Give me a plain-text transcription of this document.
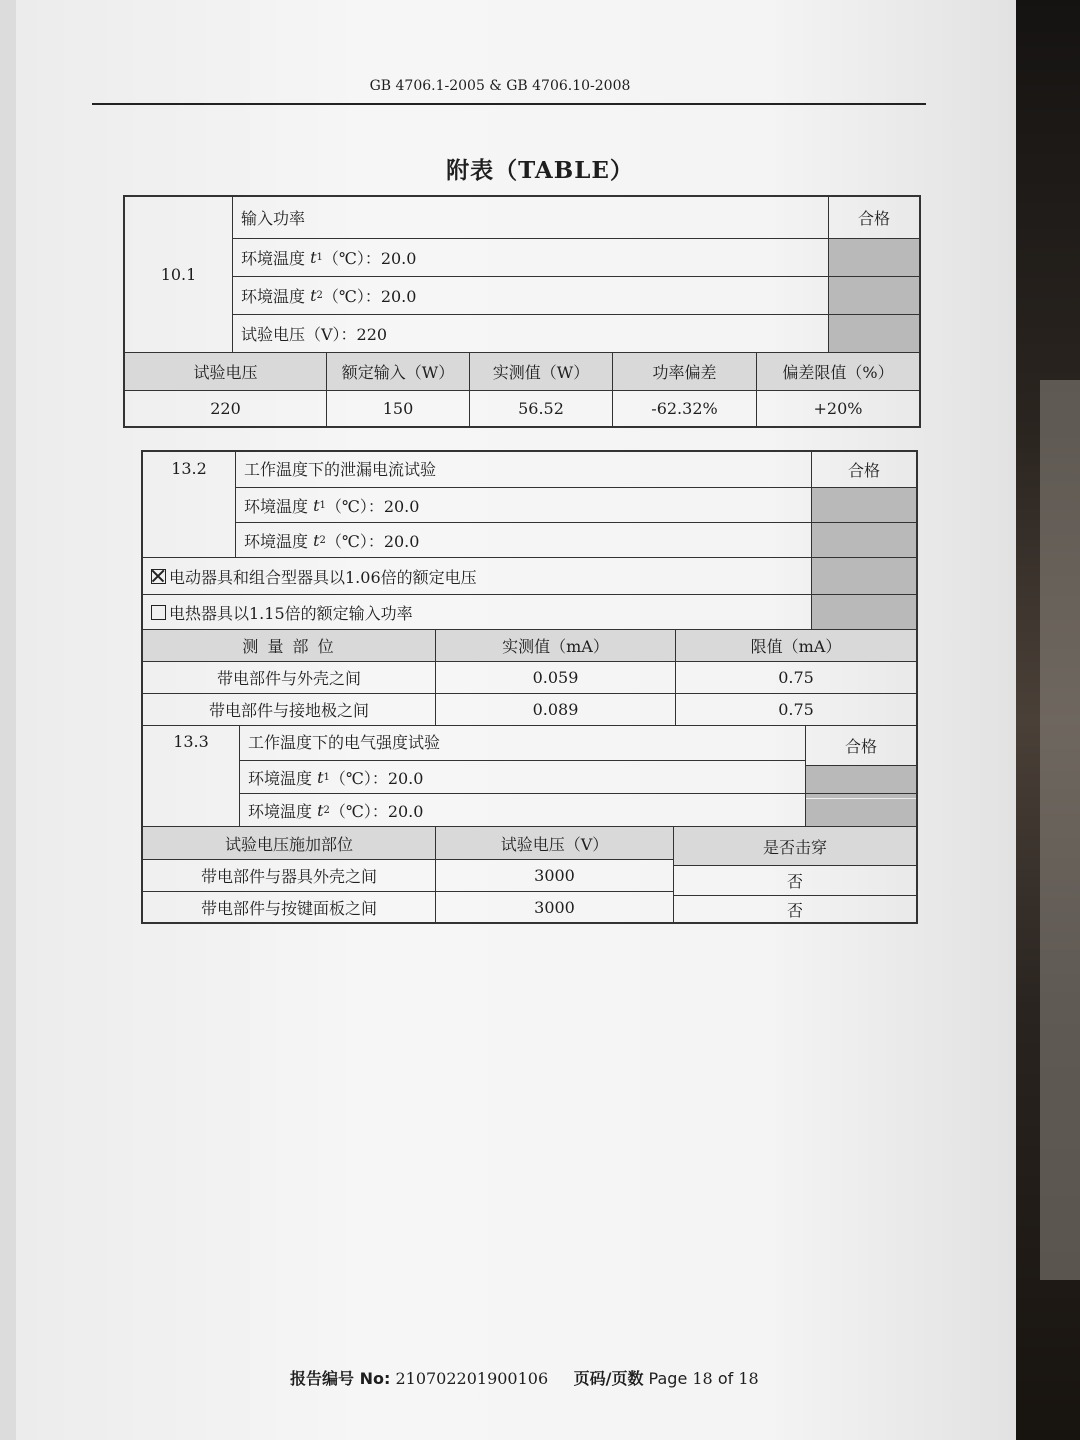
GB 4706.1-2005 & GB 4706.10-2008
附表（TABLE）
10.1
输入功率	合格
环境温度
t 1 （℃）：20.0
环境温度
t 2 （℃）：20.0
试验电压（V）：220
试验电压	额定输入（W）	实测值（W）	功率偏差	偏差限值（%）
220	150	56.52	-62.32%	+20%
13.2	工作温度下的泄漏电流试验	合格
环境温度
t 1 （℃）：20.0
环境温度
t 2 （℃）：20.0
电动器具和组合型器具以1.06倍的额定电压
电热器具以1.15倍的额定输入功率
测 量 部 位	实测值（mA）	限值（mA）
带电部件与外壳之间	0.059	0.75
带电部件与接地极之间	0.089	0.75
13.3	工作温度下的电气强度试验	合格
环境温度
t 1 （℃）：20.0
环境温度
t 2 （℃）：20.0
试验电压施加部位	试验电压（V）	是否击穿
带电部件与器具外壳之间	3000	否
带电部件与按键面板之间	3000	否
报告编号 No: 210702201900106 页码/页数 Page 18 of 18
